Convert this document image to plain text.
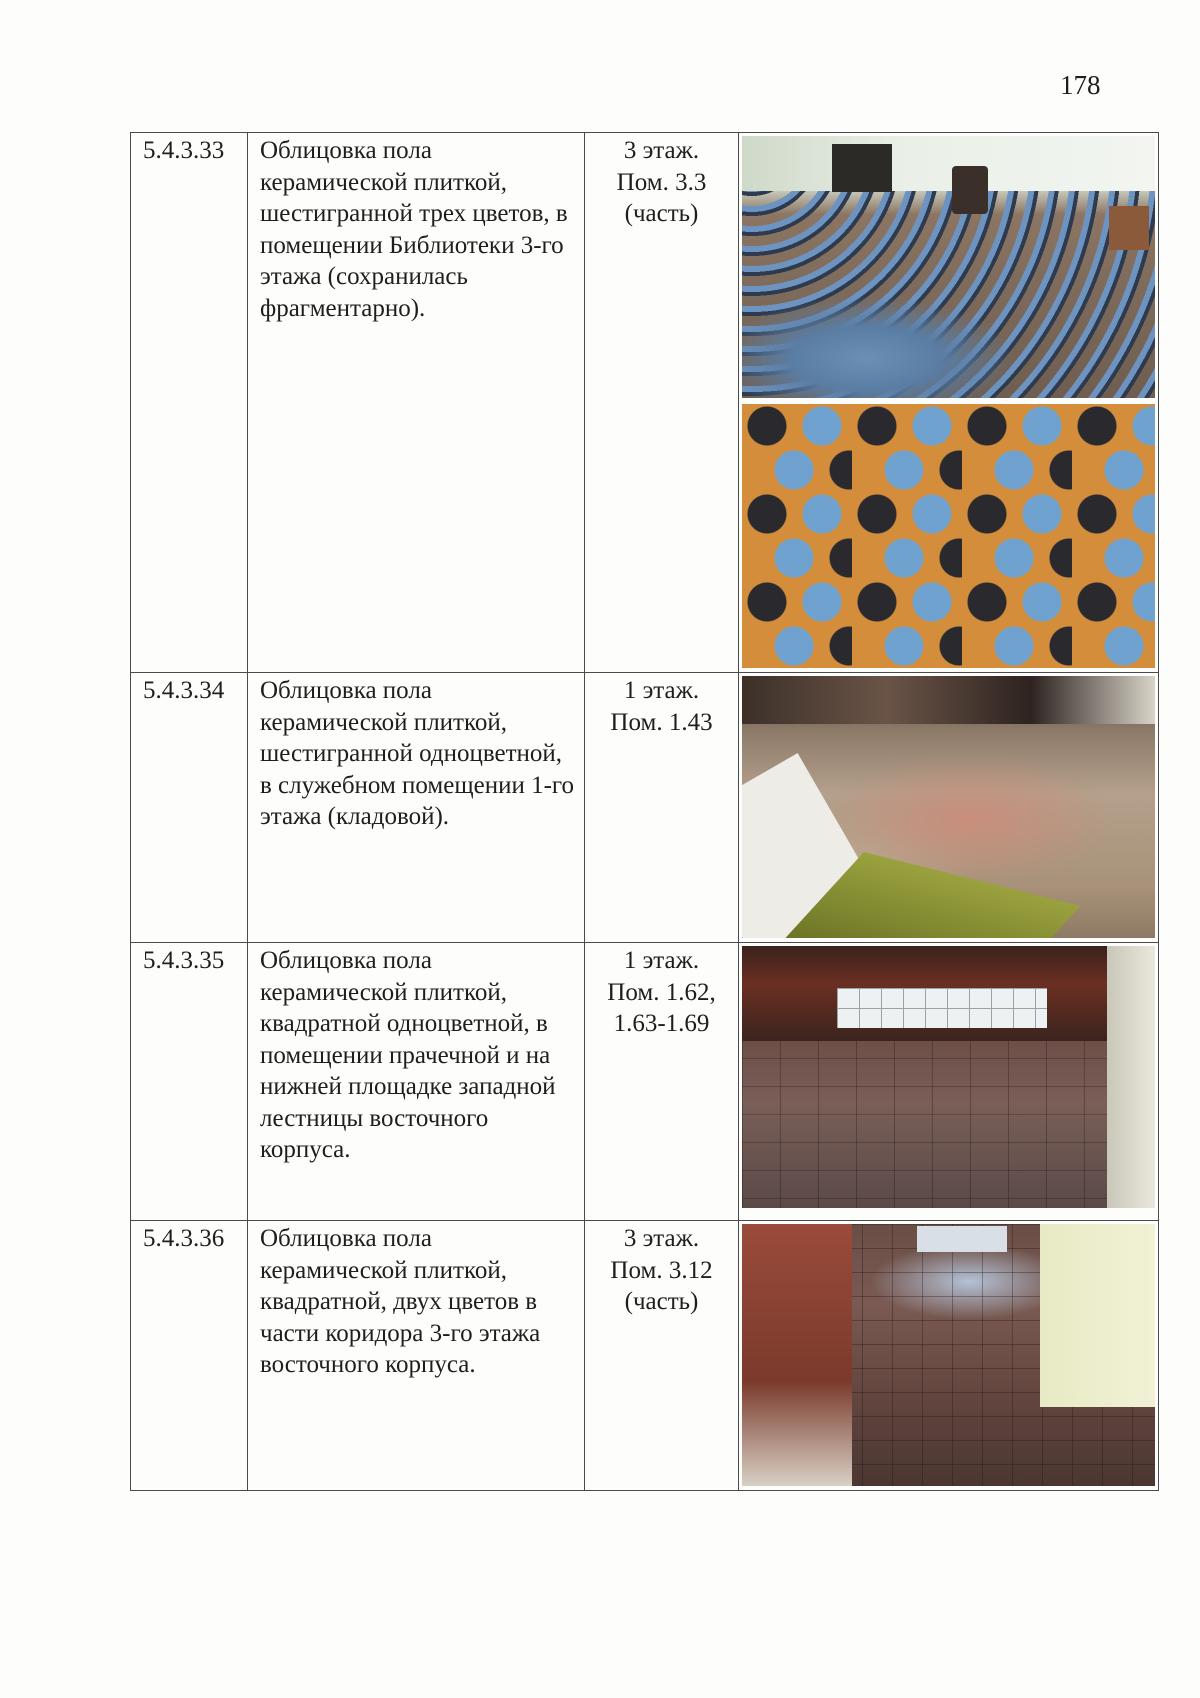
178
5.4.3.33	Облицовка пола керамической плиткой, шестигранной трех цветов, в помещении Библиотеки 3-го этажа (сохранилась фрагментарно).	3 этаж.
Пом. 3.3
(часть)	

5.4.3.34	Облицовка пола керамической плиткой, шестигранной одноцветной, в служебном помещении 1-го этажа (кладовой).	1 этаж.
Пом. 1.43	

5.4.3.35	Облицовка пола керамической плиткой, квадратной одноцветной, в помещении прачечной и на нижней площадке западной лестницы восточного корпуса.	1 этаж.
Пом. 1.62,
1.63-1.69	

5.4.3.36	Облицовка пола керамической плиткой, квадратной, двух цветов в части коридора 3-го этажа восточного корпуса.	3 этаж.
Пом. 3.12
(часть)	
